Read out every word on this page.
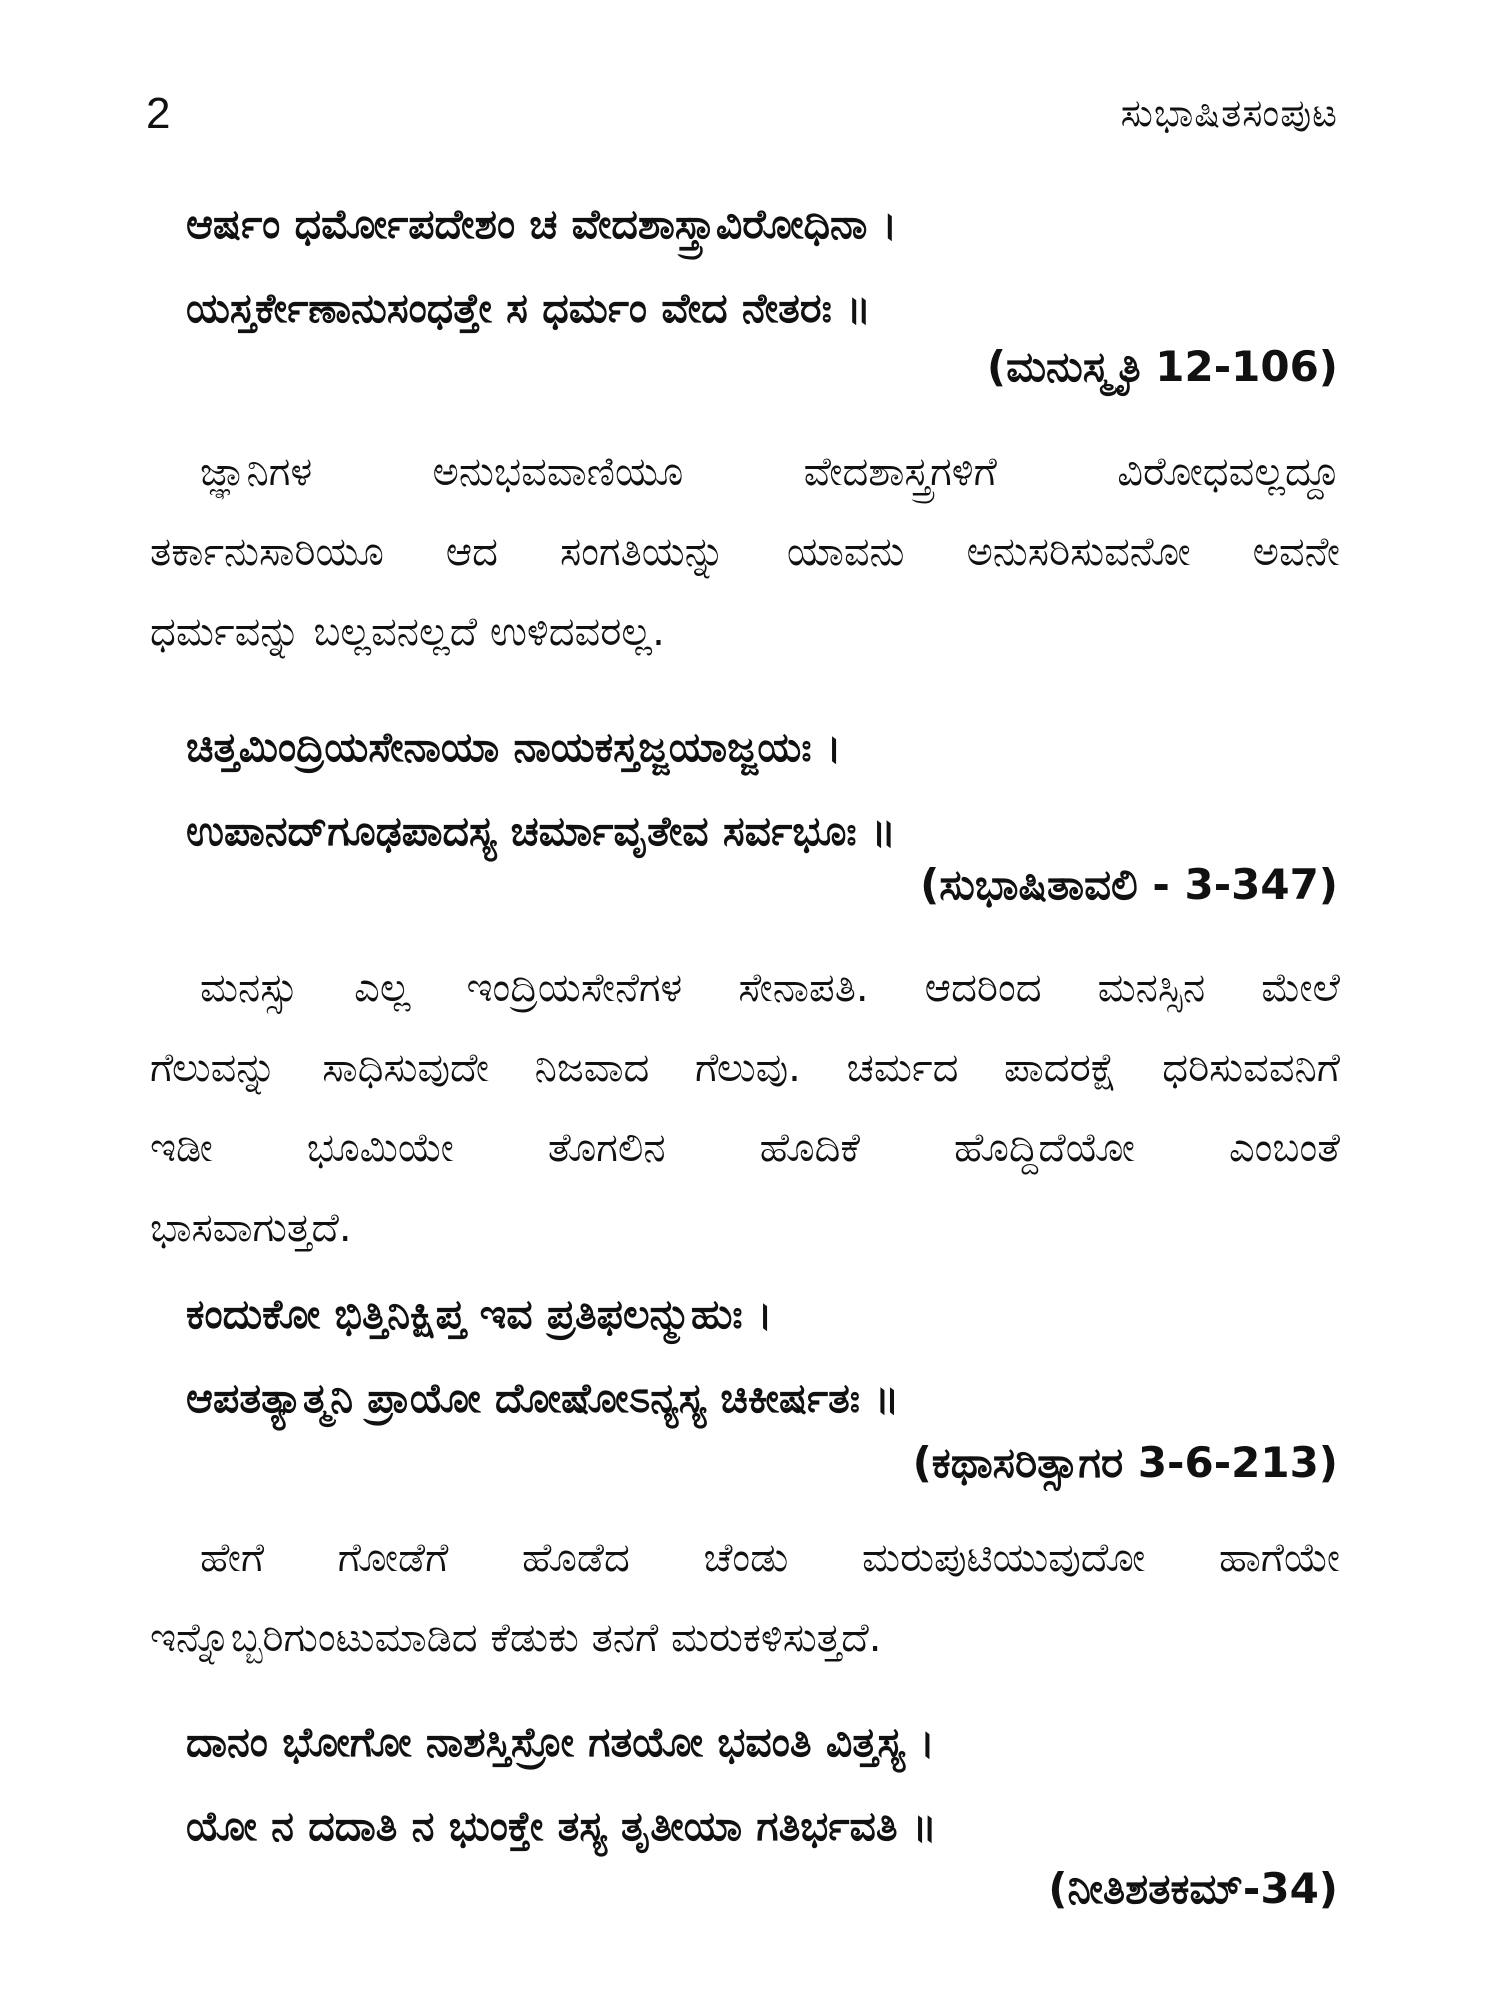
2	ಸುಭಾಷಿತಸಂಪುಟ
ಆರ್ಷಂ ಧರ್ಮೋಪದೇಶಂ ಚ ವೇದಶಾಸ್ತ್ರಾವಿರೋಧಿನಾ ।
ಯಸ್ತರ್ಕೇಣಾನುಸಂಧತ್ತೇ ಸ ಧರ್ಮಂ ವೇದ ನೇತರಃ ॥
(ಮನುಸ್ಮೃತಿ 12-106)
ಜ್ಞಾನಿಗಳ ಅನುಭವವಾಣಿಯೂ ವೇದಶಾಸ್ತ್ರಗಳಿಗೆ ವಿರೋಧವಲ್ಲದ್ದೂ
ತರ್ಕಾನುಸಾರಿಯೂ ಆದ ಸಂಗತಿಯನ್ನು ಯಾವನು ಅನುಸರಿಸುವನೋ ಅವನೇ
ಧರ್ಮವನ್ನು ಬಲ್ಲವನಲ್ಲದೆ ಉಳಿದವರಲ್ಲ.
ಚಿತ್ತಮಿಂದ್ರಿಯಸೇನಾಯಾ ನಾಯಕಸ್ತಜ್ಜಯಾಜ್ಜಯಃ ।
ಉಪಾನದ್‌ಗೂಢಪಾದಸ್ಯ ಚರ್ಮಾವೃತೇವ ಸರ್ವಭೂಃ ॥
(ಸುಭಾಷಿತಾವಲಿ - 3-347)
ಮನಸ್ಸು ಎಲ್ಲ ಇಂದ್ರಿಯಸೇನೆಗಳ ಸೇನಾಪತಿ. ಆದರಿಂದ ಮನಸ್ಸಿನ ಮೇಲೆ
ಗೆಲುವನ್ನು ಸಾಧಿಸುವುದೇ ನಿಜವಾದ ಗೆಲುವು. ಚರ್ಮದ ಪಾದರಕ್ಷೆ ಧರಿಸುವವನಿಗೆ
ಇಡೀ ಭೂಮಿಯೇ ತೊಗಲಿನ ಹೊದಿಕೆ ಹೊದ್ದಿದೆಯೋ ಎಂಬಂತೆ
ಭಾಸವಾಗುತ್ತದೆ.
ಕಂದುಕೋ ಭಿತ್ತಿನಿಕ್ಷಿಪ್ತ ಇವ ಪ್ರತಿಫಲನ್ಮುಹುಃ ।
ಆಪತತ್ಯಾತ್ಮನಿ ಪ್ರಾಯೋ ದೋಷೋಽನ್ಯಸ್ಯ ಚಿಕೀರ್ಷತಃ ॥
(ಕಥಾಸರಿತ್ಸಾಗರ 3-6-213)
ಹೇಗೆ ಗೋಡೆಗೆ ಹೊಡೆದ ಚೆಂಡು ಮರುಪುಟಿಯುವುದೋ ಹಾಗೆಯೇ
ಇನ್ನೊಬ್ಬರಿಗುಂಟುಮಾಡಿದ ಕೆಡುಕು ತನಗೆ ಮರುಕಳಿಸುತ್ತದೆ.
ದಾನಂ ಭೋಗೋ ನಾಶಸ್ತಿಸ್ರೋ ಗತಯೋ ಭವಂತಿ ವಿತ್ತಸ್ಯ ।
ಯೋ ನ ದದಾತಿ ನ ಭುಂಕ್ತೇ ತಸ್ಯ ತೃತೀಯಾ ಗತಿರ್ಭವತಿ ॥
(ನೀತಿಶತಕಮ್-34)
